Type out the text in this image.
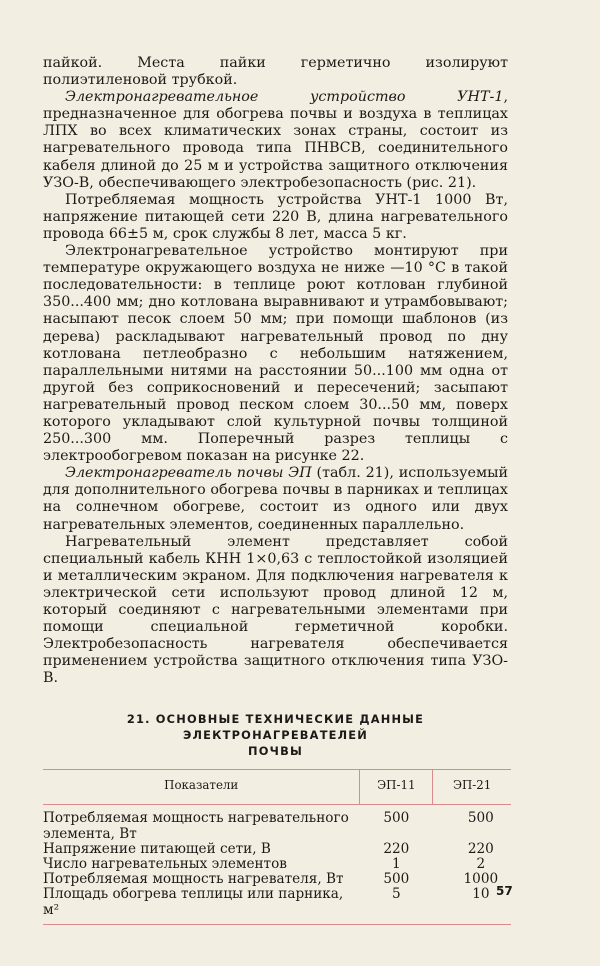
пайкой. Места пайки герметично изолируют полиэтиленовой трубкой.

Электронагревательное устройство УНТ-1, предназначенное для обогрева почвы и воздуха в теплицах ЛПХ во всех климатических зонах страны, состоит из нагревательного провода типа ПНВСВ, соединительного кабеля длиной до 25 м и устройства защитного отключения УЗО-В, обеспечивающего электробезопасность (рис. 21).

Потребляемая мощность устройства УНТ-1 1000 Вт, напряжение питающей сети 220 В, длина нагревательного провода 66±5 м, срок службы 8 лет, масса 5 кг.

Электронагревательное устройство монтируют при температуре окружающего воздуха не ниже —10 °С в такой последовательности: в теплице роют котлован глубиной 350...400 мм; дно котлована выравнивают и утрамбовывают; насыпают песок слоем 50 мм; при помощи шаблонов (из дерева) раскладывают нагревательный провод по дну котлована петлеобразно с небольшим натяжением, параллельными нитями на расстоянии 50...100 мм одна от другой без соприкосновений и пересечений; засыпают нагревательный провод песком слоем 30...50 мм, поверх которого укладывают слой культурной почвы толщиной 250...300 мм. Поперечный разрез теплицы с электрообогревом показан на рисунке 22.

Электронагреватель почвы ЭП (табл. 21), используемый для дополнительного обогрева почвы в парниках и теплицах на солнечном обогреве, состоит из одного или двух нагревательных элементов, соединенных параллельно.

Нагревательный элемент представляет собой специальный кабель КНН 1×0,63 с теплостойкой изоляцией и металлическим экраном. Для подключения нагревателя к электрической сети используют провод длиной 12 м, который соединяют с нагревательными элементами при помощи специальной герметичной коробки. Электробезопасность нагревателя обеспечивается применением устройства защитного отключения типа УЗО-В.

21. ОСНОВНЫЕ ТЕХНИЧЕСКИЕ ДАННЫЕ ЭЛЕКТРОНАГРЕВАТЕЛЕЙ
ПОЧВЫ

Показатели	ЭП-11	ЭП-21
Потребляемая мощность нагревательного элемента, Вт	500	500
Напряжение питающей сети, В	220	220
Число нагревательных элементов	1	2
Потребляемая мощность нагревателя, Вт	500	1000
Площадь обогрева теплицы или парника, м²	5	10 57
